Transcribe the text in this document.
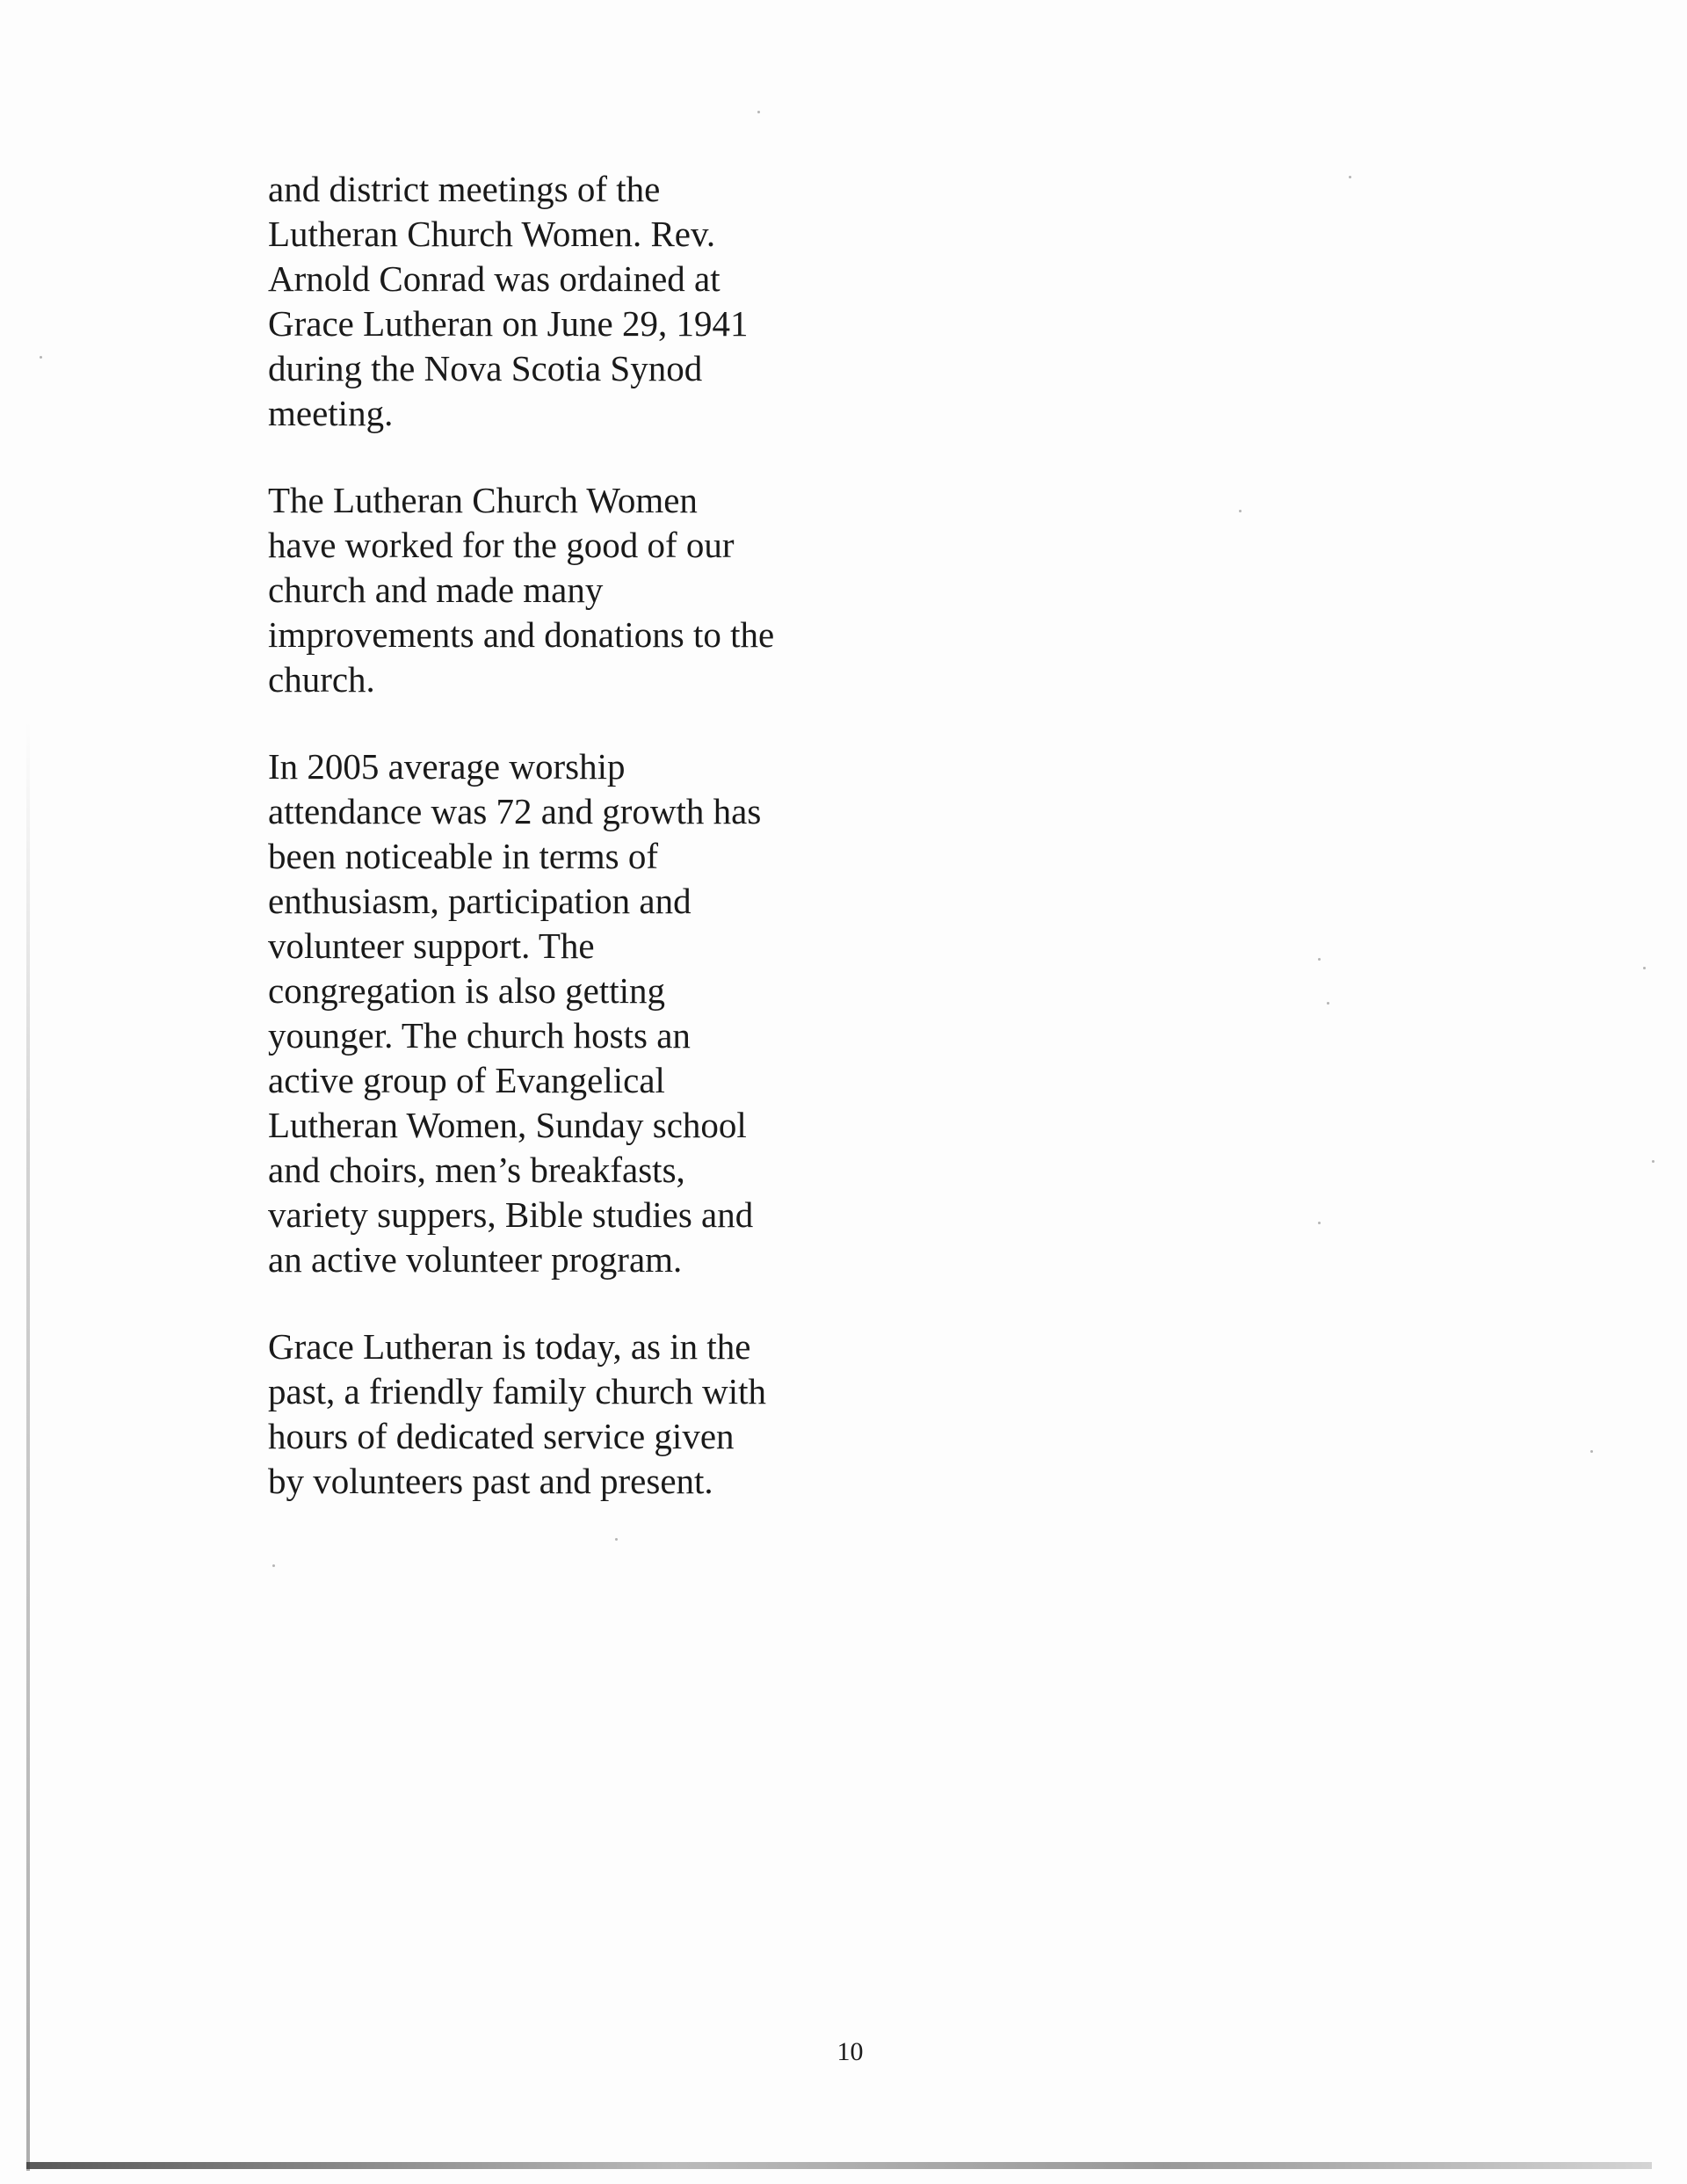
and district meetings of the
Lutheran Church Women. Rev.
Arnold Conrad was ordained at
Grace Lutheran on June 29, 1941
during the Nova Scotia Synod
meeting.

The Lutheran Church Women
have worked for the good of our
church and made many
improvements and donations to the
church.

In 2005 average worship
attendance was 72 and growth has
been noticeable in terms of
enthusiasm, participation and
volunteer support. The
congregation is also getting
younger. The church hosts an
active group of Evangelical
Lutheran Women, Sunday school
and choirs, men’s breakfasts,
variety suppers, Bible studies and
an active volunteer program.

Grace Lutheran is today, as in the
past, a friendly family church with
hours of dedicated service given
by volunteers past and present.

10
